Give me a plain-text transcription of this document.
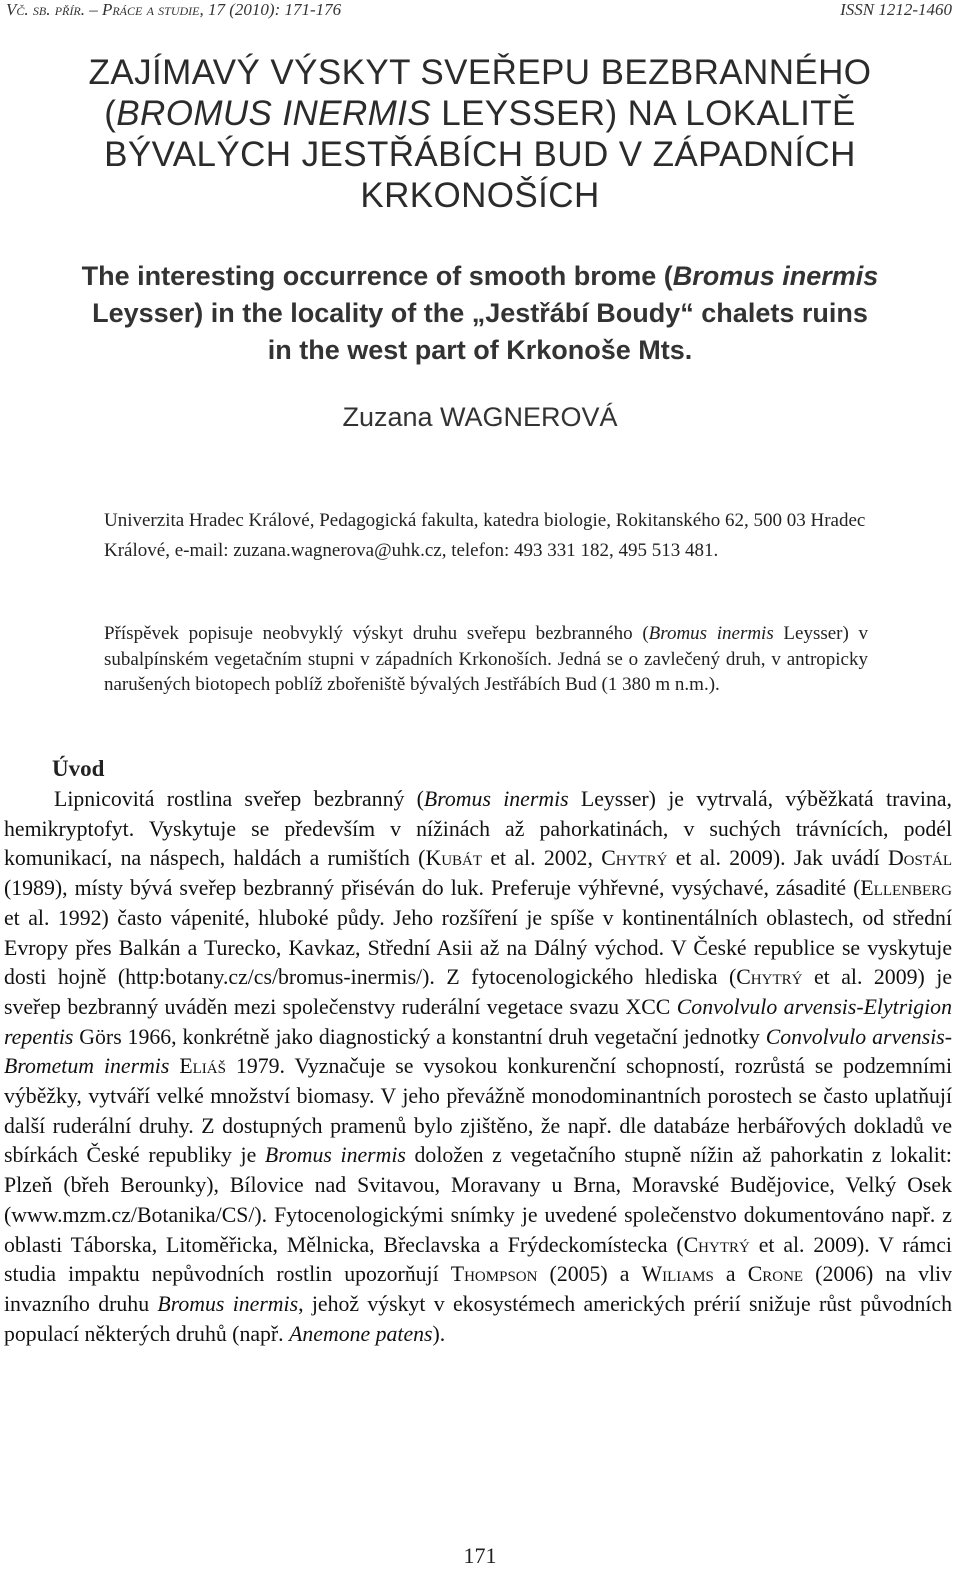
Vč. sb. přír. – Práce a studie, 17 (2010): 171-176	ISSN 1212-1460
ZAJÍMAVÝ VÝSKYT SVEŘEPU BEZBRANNÉHO
(BROMUS INERMIS LEYSSER) NA LOKALITĚ
BÝVALÝCH JESTŘÁBÍCH BUD V ZÁPADNÍCH
KRKONOŠÍCH
The interesting occurrence of smooth brome (Bromus inermis
Leysser) in the locality of the „Jestřábí Boudy“ chalets ruins
in the west part of Krkonoše Mts.
Zuzana WAGNEROVÁ
Univerzita Hradec Králové, Pedagogická fakulta, katedra biologie, Rokitanského 62, 500 03 Hradec Králové, e-mail: zuzana.wagnerova@uhk.cz, telefon: 493 331 182, 495 513 481.
Příspěvek popisuje neobvyklý výskyt druhu sveřepu bezbranného (Bromus inermis Leysser) v subalpínském vegetačním stupni v západních Krkonoších. Jedná se o zavlečený druh, v antropicky narušených biotopech poblíž zbořeniště bývalých Jestřábích Bud (1 380 m n.m.).
Úvod
Lipnicovitá rostlina sveřep bezbranný (Bromus inermis Leysser) je vytrvalá, výběžkatá travina, hemikryptofyt. Vyskytuje se především v nížinách až pahorkatinách, v suchých trávnících, podél komunikací, na náspech, haldách a rumištích (Kubát et al. 2002, Chytrý et al. 2009). Jak uvádí Dostál (1989), místy bývá sveřep bezbranný přiséván do luk. Preferuje výhřevné, vysýchavé, zásadité (Ellenberg et al. 1992) často vápenité, hluboké půdy. Jeho rozšíření je spíše v kontinentálních oblastech, od střední Evropy přes Balkán a Turecko, Kavkaz, Střední Asii až na Dálný východ. V České republice se vyskytuje dosti hojně (http:botany.cz/cs/bromus-inermis/). Z fytocenologického hlediska (Chytrý et al. 2009) je sveřep bezbranný uváděn mezi společenstvy ruderální vegetace svazu XCC Convolvulo arvensis-Elytrigion repentis Görs 1966, konkrétně jako diagnostický a konstantní druh vegetační jednotky Convolvulo arvensis-Brometum inermis Eliáš 1979. Vyznačuje se vysokou konkurenční schopností, rozrůstá se podzemními výběžky, vytváří velké množství biomasy. V jeho převážně monodominantních porostech se často uplatňují další ruderální druhy. Z dostupných pramenů bylo zjištěno, že např. dle databáze herbářových dokladů ve sbírkách České republiky je Bromus inermis doložen z vegetačního stupně nížin až pahorkatin z lokalit: Plzeň (břeh Berounky), Bílovice nad Svitavou, Moravany u Brna, Moravské Budějovice, Velký Osek (www.mzm.cz/Botanika/CS/). Fytocenologickými snímky je uvedené společenstvo dokumentováno např. z oblasti Táborska, Litoměřicka, Mělnicka, Břeclavska a Frýdeckomístecka (Chytrý et al. 2009). V rámci studia impaktu nepůvodních rostlin upozorňují Thompson (2005) a Wiliams a Crone (2006) na vliv invazního druhu Bromus inermis, jehož výskyt v ekosystémech amerických prérií snižuje růst původních populací některých druhů (např. Anemone patens).
171
